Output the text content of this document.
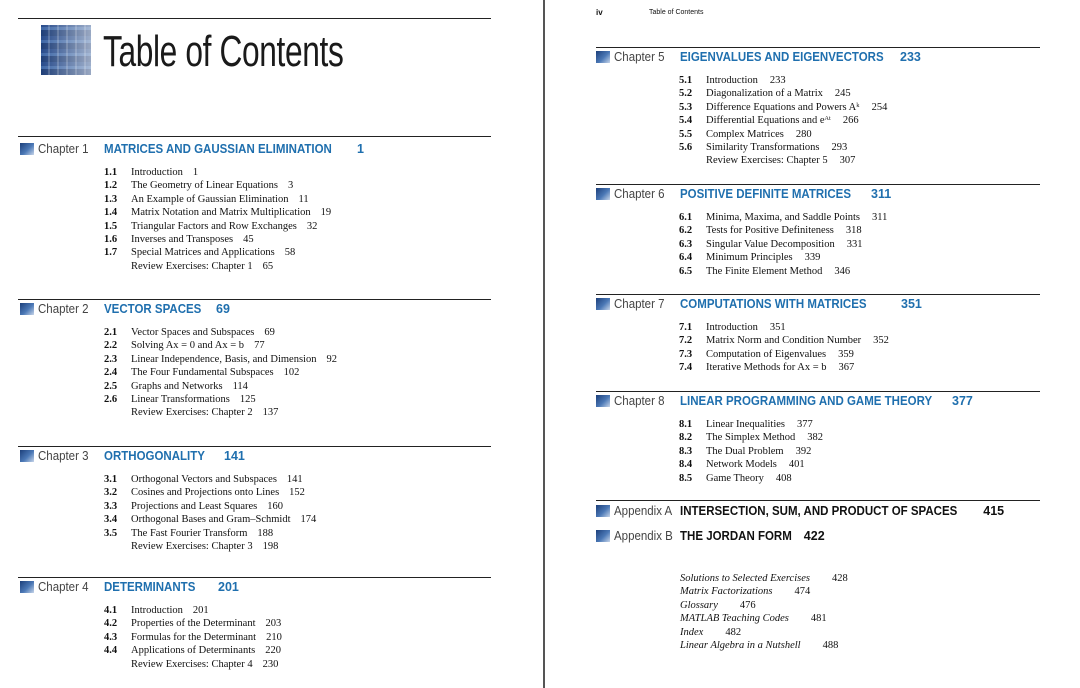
Table of Contents
Chapter 1 MATRICES AND GAUSSIAN ELIMINATION 1
1.1 Introduction 1
1.2 The Geometry of Linear Equations 3
1.3 An Example of Gaussian Elimination 11
1.4 Matrix Notation and Matrix Multiplication 19
1.5 Triangular Factors and Row Exchanges 32
1.6 Inverses and Transposes 45
1.7 Special Matrices and Applications 58
Review Exercises: Chapter 1 65
Chapter 2 VECTOR SPACES 69
2.1 Vector Spaces and Subspaces 69
2.2 Solving Ax = 0 and Ax = b 77
2.3 Linear Independence, Basis, and Dimension 92
2.4 The Four Fundamental Subspaces 102
2.5 Graphs and Networks 114
2.6 Linear Transformations 125
Review Exercises: Chapter 2 137
Chapter 3 ORTHOGONALITY 141
3.1 Orthogonal Vectors and Subspaces 141
3.2 Cosines and Projections onto Lines 152
3.3 Projections and Least Squares 160
3.4 Orthogonal Bases and Gram–Schmidt 174
3.5 The Fast Fourier Transform 188
Review Exercises: Chapter 3 198
Chapter 4 DETERMINANTS 201
4.1 Introduction 201
4.2 Properties of the Determinant 203
4.3 Formulas for the Determinant 210
4.4 Applications of Determinants 220
Review Exercises: Chapter 4 230
iv	Table of Contents
Chapter 5 EIGENVALUES AND EIGENVECTORS 233
5.1 Introduction 233
5.2 Diagonalization of a Matrix 245
5.3 Difference Equations and Powers Aᵏ 254
5.4 Differential Equations and eᴬᵗ 266
5.5 Complex Matrices 280
5.6 Similarity Transformations 293
Review Exercises: Chapter 5 307
Chapter 6 POSITIVE DEFINITE MATRICES 311
6.1 Minima, Maxima, and Saddle Points 311
6.2 Tests for Positive Definiteness 318
6.3 Singular Value Decomposition 331
6.4 Minimum Principles 339
6.5 The Finite Element Method 346
Chapter 7 COMPUTATIONS WITH MATRICES	351
7.1 Introduction 351
7.2 Matrix Norm and Condition Number 352
7.3 Computation of Eigenvalues 359
7.4 Iterative Methods for Ax = b 367
Chapter 8 LINEAR PROGRAMMING AND GAME THEORY 377
8.1 Linear Inequalities 377
8.2 The Simplex Method 382
8.3 The Dual Problem 392
8.4 Network Models 401
8.5 Game Theory 408
Appendix A INTERSECTION, SUM, AND PRODUCT OF SPACES 415
Appendix B THE JORDAN FORM 422
Solutions to Selected Exercises 428
Matrix Factorizations 474
Glossary 476
MATLAB Teaching Codes 481
Index 482
Linear Algebra in a Nutshell 488
